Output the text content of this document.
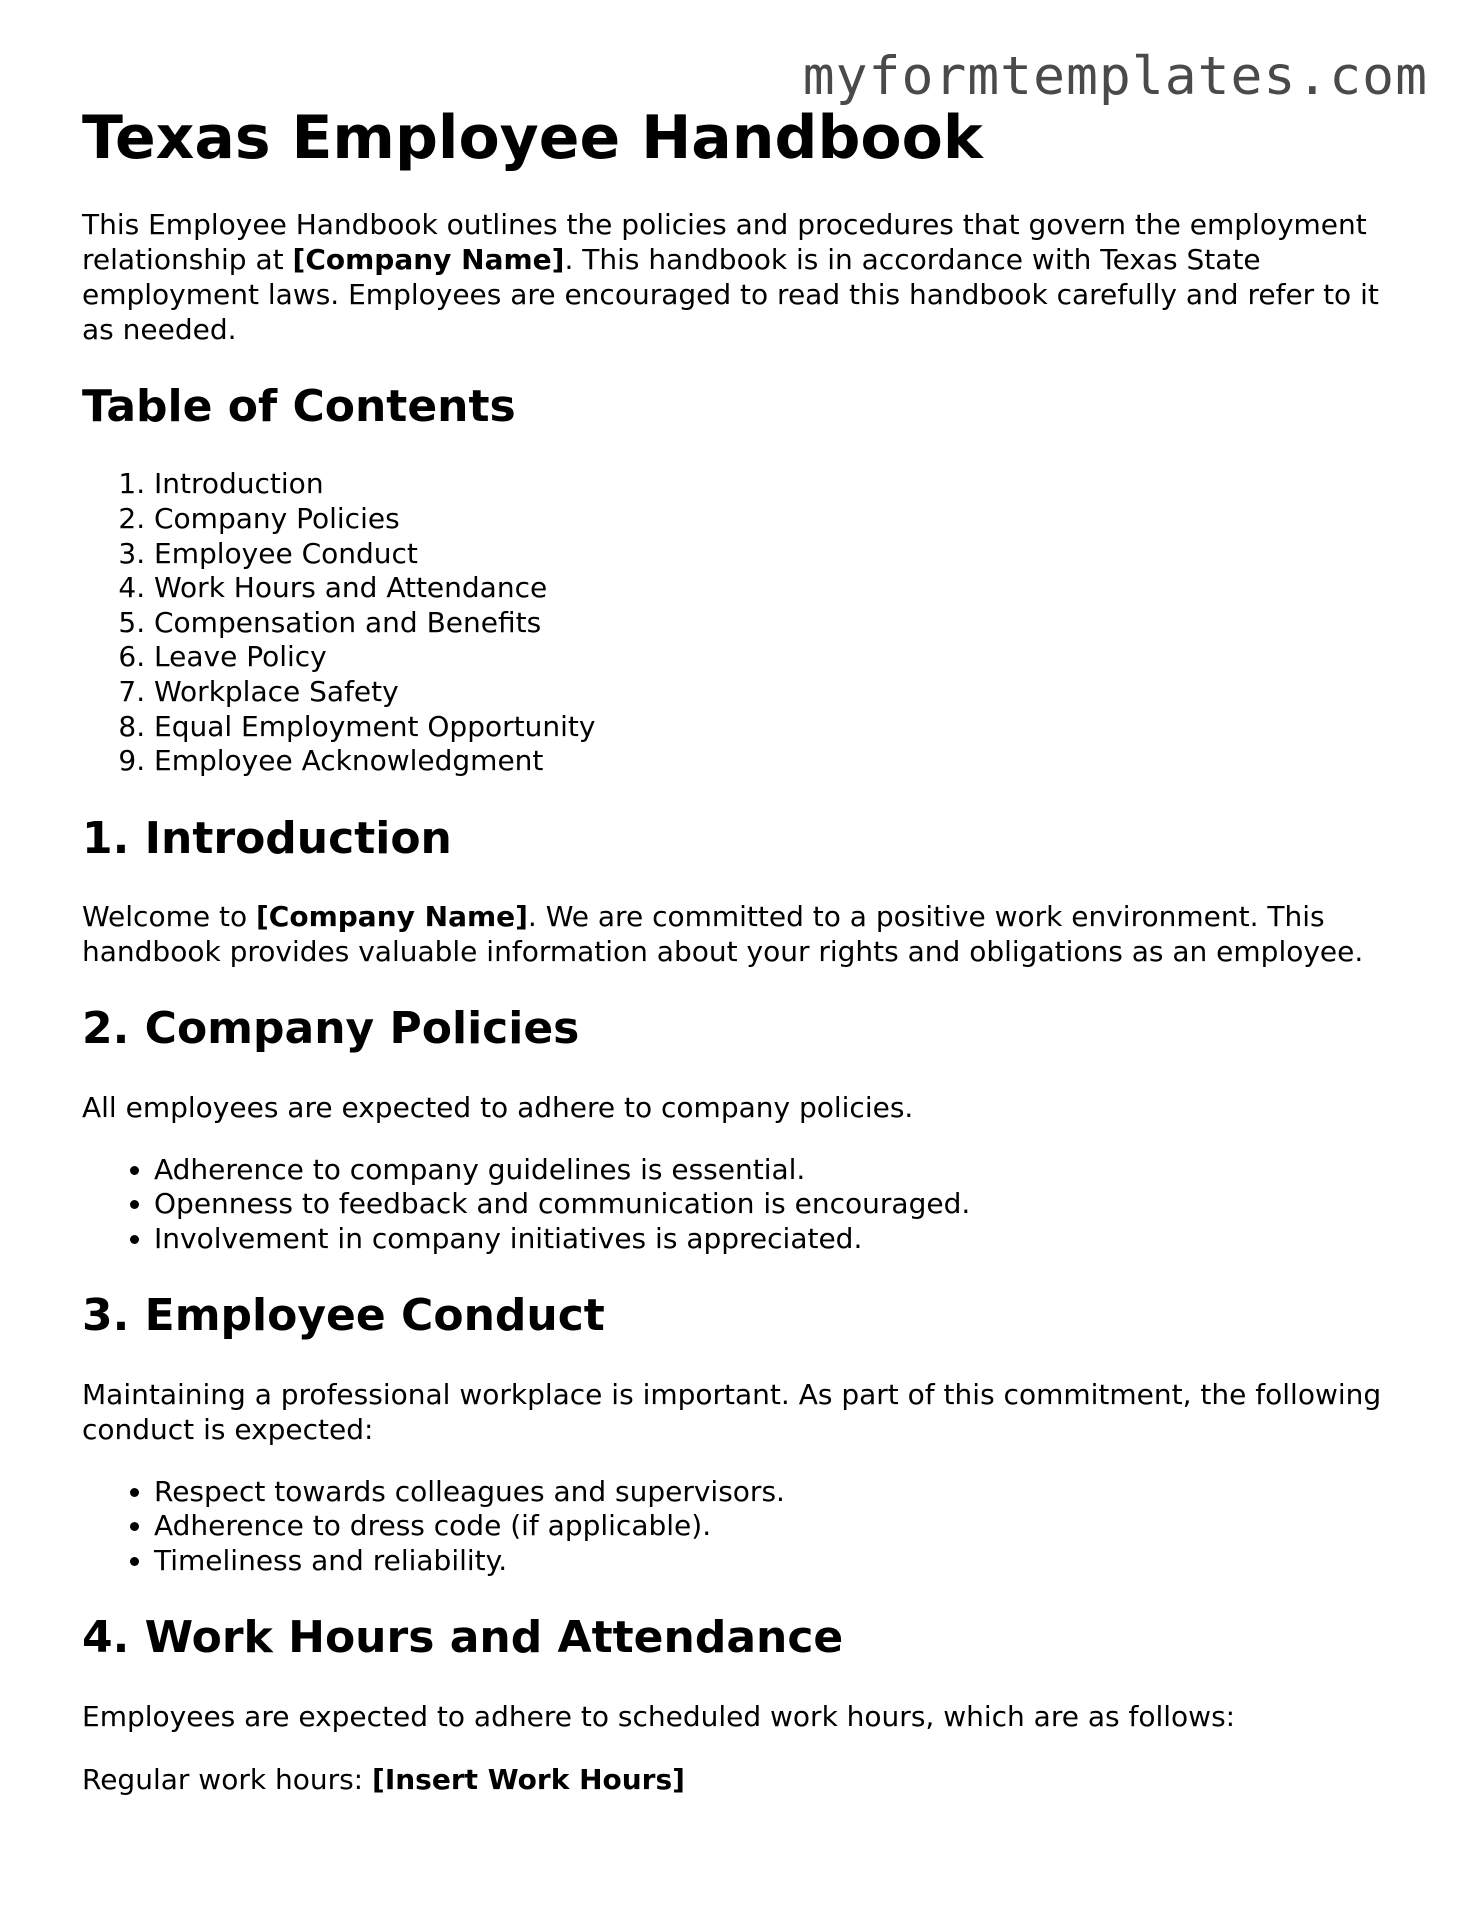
myformtemplates.com
Texas Employee Handbook

This Employee Handbook outlines the policies and procedures that govern the employment relationship at [Company Name]. This handbook is in accordance with Texas State employment laws. Employees are encouraged to read this handbook carefully and refer to it as needed.

Table of Contents
1. Introduction
2. Company Policies
3. Employee Conduct
4. Work Hours and Attendance
5. Compensation and Benefits
6. Leave Policy
7. Workplace Safety
8. Equal Employment Opportunity
9. Employee Acknowledgment
1. Introduction

Welcome to [Company Name]. We are committed to a positive work environment. This handbook provides valuable information about your rights and obligations as an employee.

2. Company Policies

All employees are expected to adhere to company policies.

• Adherence to company guidelines is essential.
• Openness to feedback and communication is encouraged.
• Involvement in company initiatives is appreciated.
3. Employee Conduct

Maintaining a professional workplace is important. As part of this commitment, the following conduct is expected:

• Respect towards colleagues and supervisors.
• Adherence to dress code (if applicable).
• Timeliness and reliability.
4. Work Hours and Attendance

Employees are expected to adhere to scheduled work hours, which are as follows:

Regular work hours: [Insert Work Hours]
